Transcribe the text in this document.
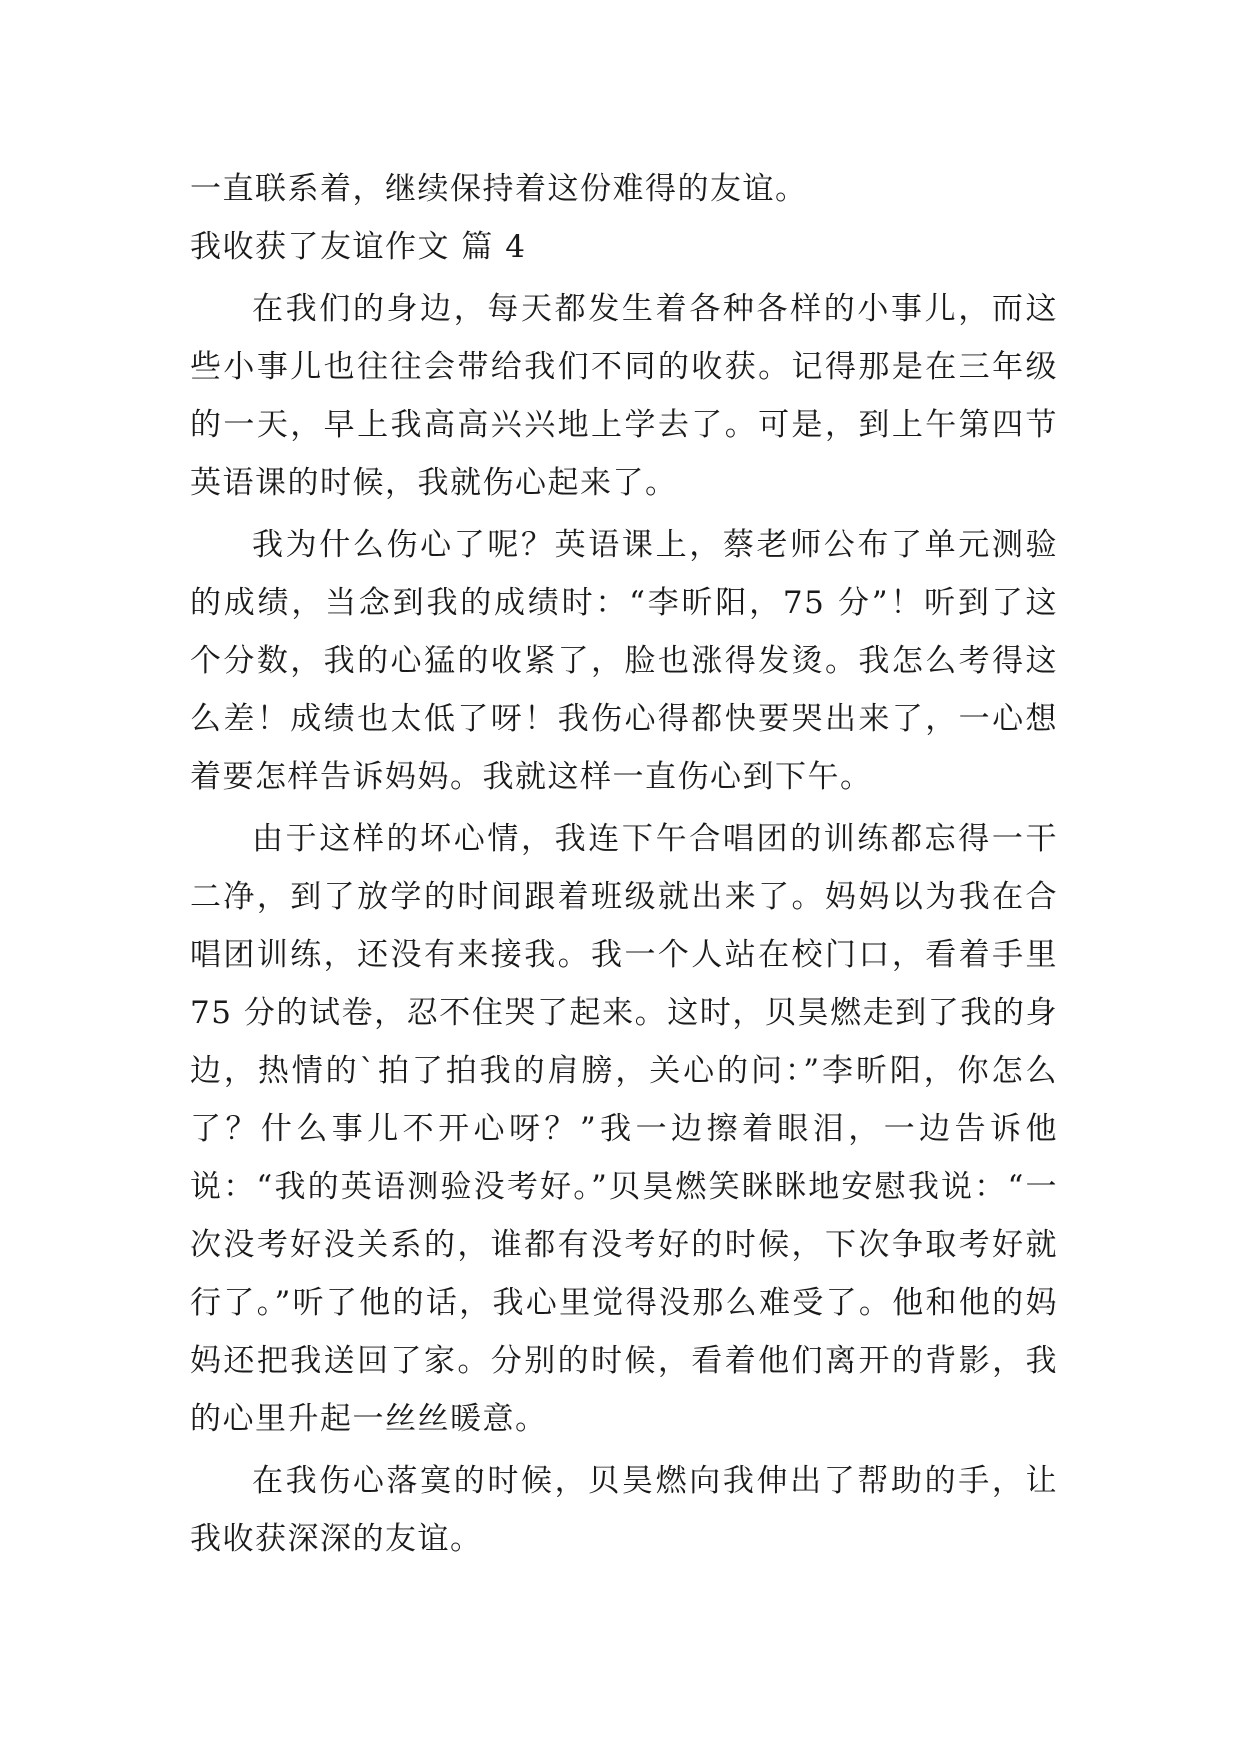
一直联系着，继续保持着这份难得的友谊。

我收获了友谊作文 篇 4

在我们的身边，每天都发生着各种各样的小事儿，而这些小事儿也往往会带给我们不同的收获。记得那是在三年级的一天，早上我高高兴兴地上学去了。可是，到上午第四节英语课的时候，我就伤心起来了。

我为什么伤心了呢？英语课上，蔡老师公布了单元测验的成绩，当念到我的成绩时：“李昕阳，75 分”！听到了这个分数，我的心猛的收紧了，脸也涨得发烫。我怎么考得这么差！成绩也太低了呀！我伤心得都快要哭出来了，一心想着要怎样告诉妈妈。我就这样一直伤心到下午。

由于这样的坏心情，我连下午合唱团的训练都忘得一干二净，到了放学的时间跟着班级就出来了。妈妈以为我在合唱团训练，还没有来接我。我一个人站在校门口，看着手里 75 分的试卷，忍不住哭了起来。这时，贝昊燃走到了我的身边，热情的`拍了拍我的肩膀，关心的问：”李昕阳，你怎么了？什么事儿不开心呀？”我一边擦着眼泪，一边告诉他说：“我的英语测验没考好。”贝昊燃笑眯眯地安慰我说：“一次没考好没关系的，谁都有没考好的时候，下次争取考好就行了。”听了他的话，我心里觉得没那么难受了。他和他的妈妈还把我送回了家。分别的时候，看着他们离开的背影，我的心里升起一丝丝暖意。

在我伤心落寞的时候，贝昊燃向我伸出了帮助的手，让我收获深深的友谊。
